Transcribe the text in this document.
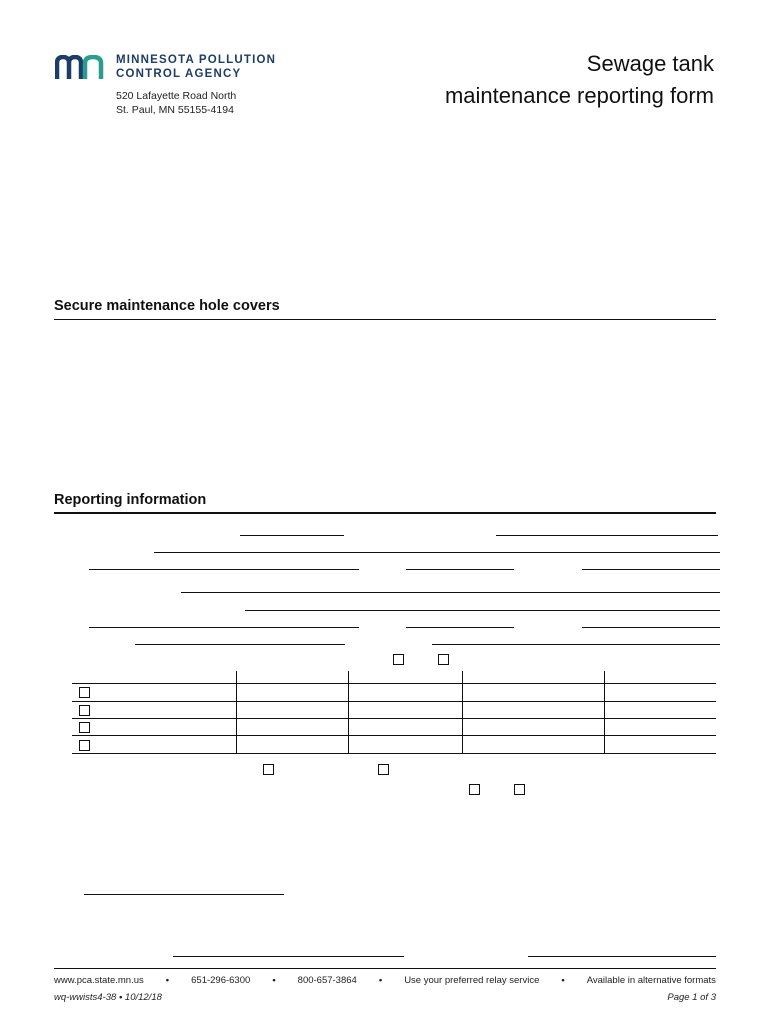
MINNESOTA POLLUTION
CONTROL AGENCY
520 Lafayette Road North
St. Paul, MN 55155-4194
Sewage tank
maintenance reporting form
Secure maintenance hole covers
Reporting information
www.pca.state.mn.us • 651-296-6300 • 800-657-3864 • Use your preferred relay service • Available in alternative formats
wq-wwists4-38 • 10/12/18	Page 1 of 3
